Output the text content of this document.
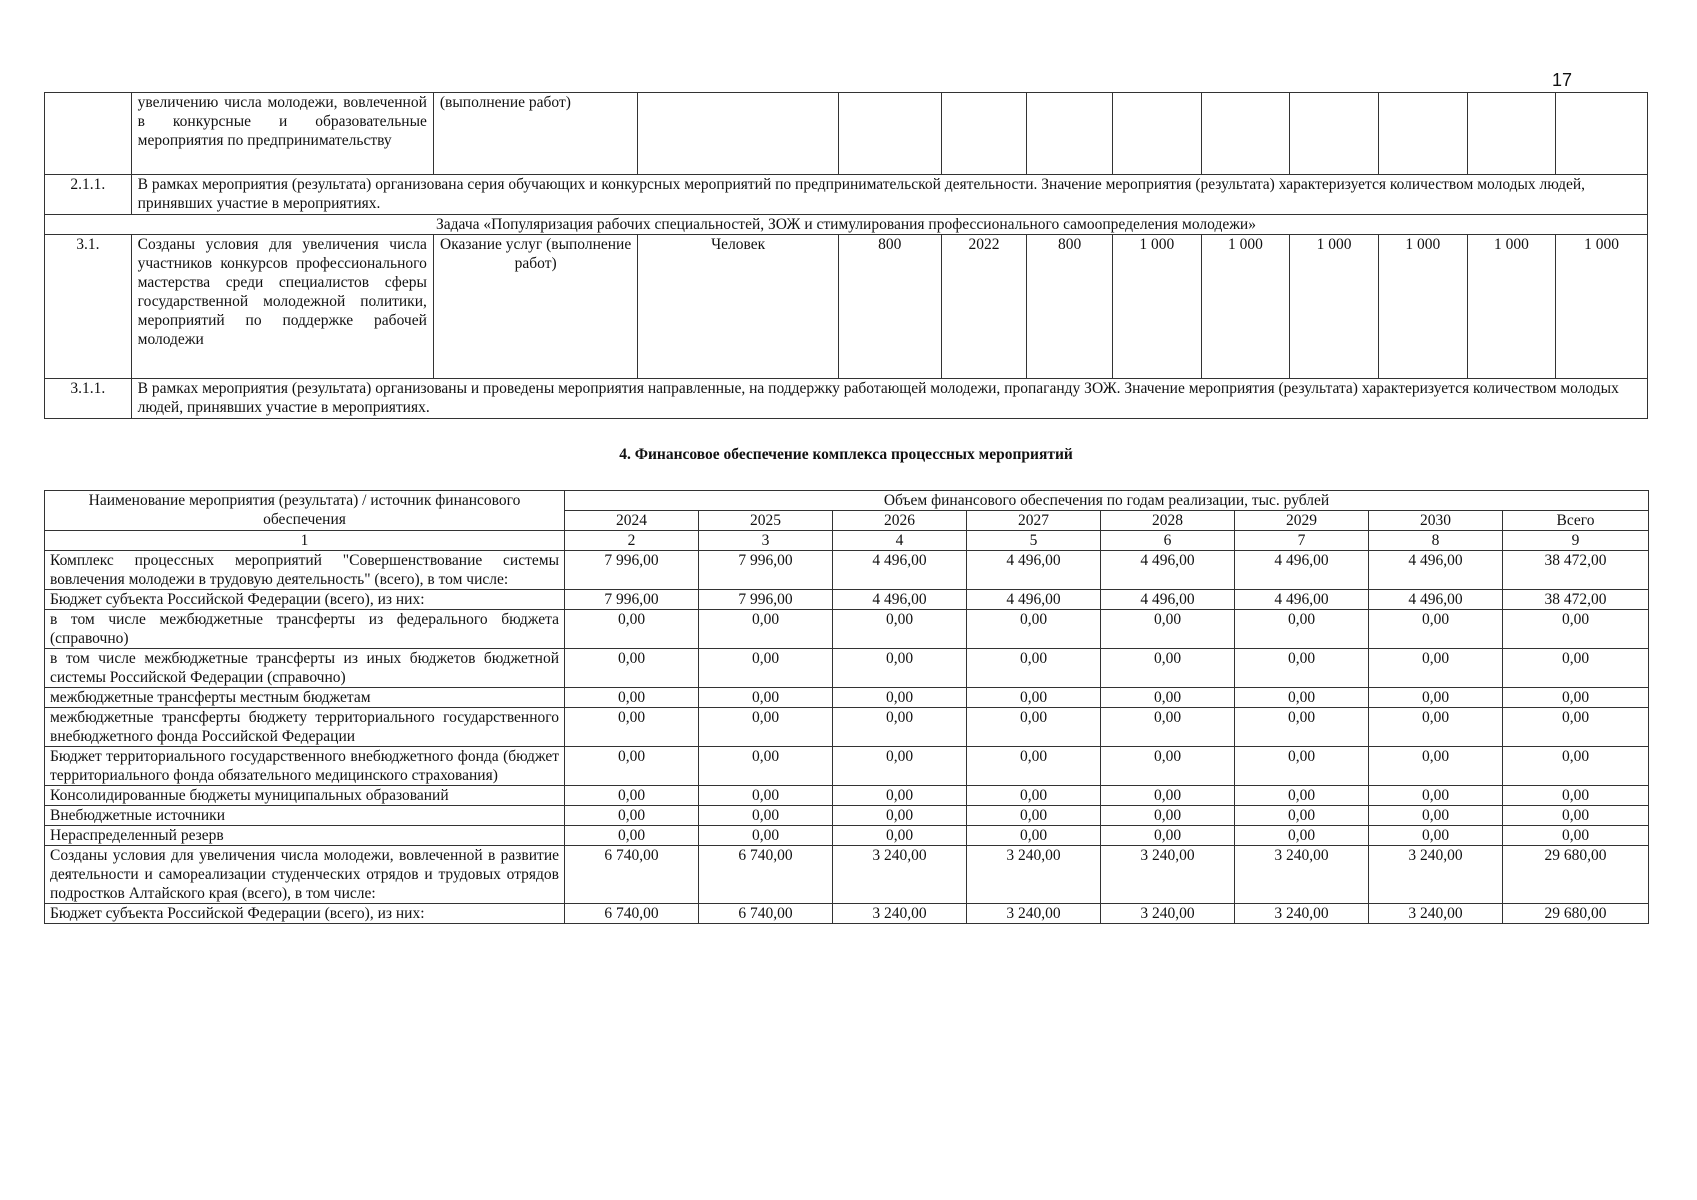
17
	увеличению числа молодежи, вовлеченной в конкурсные и образовательные мероприятия по предпринимательству	(выполнение работ)										
2.1.1.	В рамках мероприятия (результата) организована серия обучающих и конкурсных мероприятий по предпринимательской деятельности. Значение мероприятия (результата) характеризуется количеством молодых людей, принявших участие в мероприятиях.											
Задача «Популяризация рабочих специальностей, ЗОЖ и стимулирования профессионального самоопределения молодежи»												
3.1.	Созданы условия для увеличения числа участников конкурсов профессионального мастерства среди специалистов сферы государственной молодежной политики, мероприятий по поддержке рабочей молодежи	Оказание услуг (выполнение работ)	Человек	800	2022	800	1 000	1 000	1 000	1 000	1 000	1 000
3.1.1.	В рамках мероприятия (результата) организованы и проведены мероприятия направленные, на поддержку работающей молодежи, пропаганду ЗОЖ. Значение мероприятия (результата) характеризуется количеством молодых людей, принявших участие в мероприятиях.											
4. Финансовое обеспечение комплекса процессных мероприятий
Наименование мероприятия (результата) / источник финансового обеспечения	Объем финансового обеспечения по годам реализации, тыс. рублей							
	2024	2025	2026	2027	2028	2029	2030	Всего
1	2	3	4	5	6	7	8	9
Комплекс процессных мероприятий "Совершенствование системы вовлечения молодежи в трудовую деятельность" (всего), в том числе:	7 996,00	7 996,00	4 496,00	4 496,00	4 496,00	4 496,00	4 496,00	38 472,00
Бюджет субъекта Российской Федерации (всего), из них:	7 996,00	7 996,00	4 496,00	4 496,00	4 496,00	4 496,00	4 496,00	38 472,00
в том числе межбюджетные трансферты из федерального бюджета (справочно)	0,00	0,00	0,00	0,00	0,00	0,00	0,00	0,00
в том числе межбюджетные трансферты из иных бюджетов бюджетной системы Российской Федерации (справочно)	0,00	0,00	0,00	0,00	0,00	0,00	0,00	0,00
межбюджетные трансферты местным бюджетам	0,00	0,00	0,00	0,00	0,00	0,00	0,00	0,00
межбюджетные трансферты бюджету территориального государственного внебюджетного фонда Российской Федерации	0,00	0,00	0,00	0,00	0,00	0,00	0,00	0,00
Бюджет территориального государственного внебюджетного фонда (бюджет территориального фонда обязательного медицинского страхования)	0,00	0,00	0,00	0,00	0,00	0,00	0,00	0,00
Консолидированные бюджеты муниципальных образований	0,00	0,00	0,00	0,00	0,00	0,00	0,00	0,00
Внебюджетные источники	0,00	0,00	0,00	0,00	0,00	0,00	0,00	0,00
Нераспределенный резерв	0,00	0,00	0,00	0,00	0,00	0,00	0,00	0,00
Созданы условия для увеличения числа молодежи, вовлеченной в развитие деятельности и самореализации студенческих отрядов и трудовых отрядов подростков Алтайского края (всего), в том числе:	6 740,00	6 740,00	3 240,00	3 240,00	3 240,00	3 240,00	3 240,00	29 680,00
Бюджет субъекта Российской Федерации (всего), из них:	6 740,00	6 740,00	3 240,00	3 240,00	3 240,00	3 240,00	3 240,00	29 680,00
